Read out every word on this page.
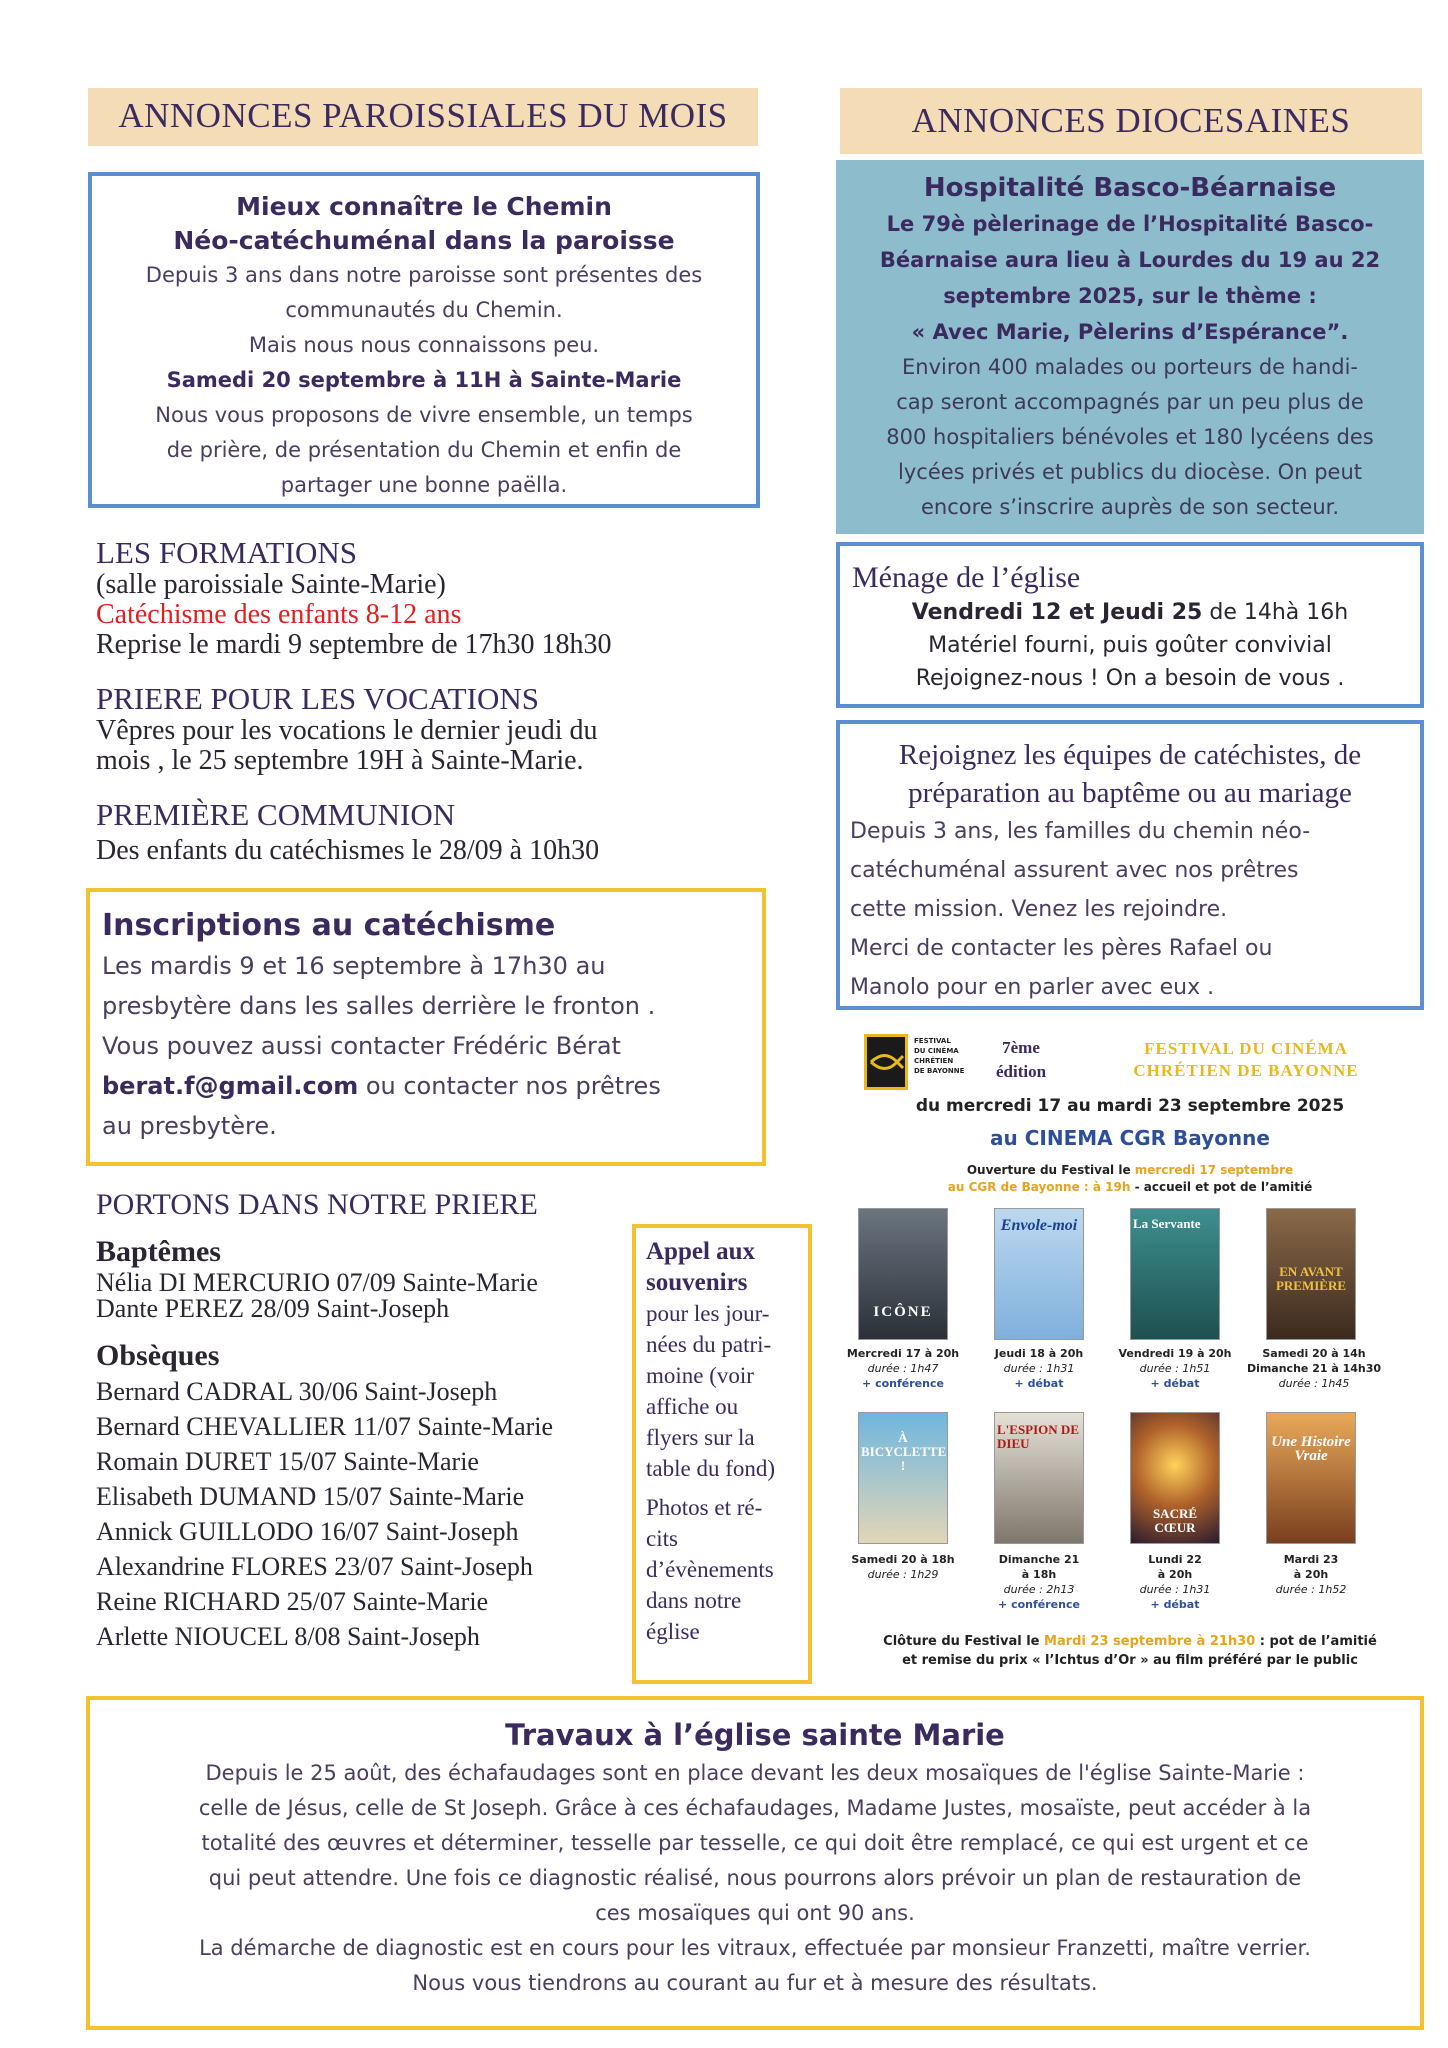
ANNONCES PAROISSIALES DU MOIS
Mieux connaître le Chemin
Néo-catéchuménal dans la paroisse
Depuis 3 ans dans notre paroisse sont présentes des
communautés du Chemin.
Mais nous nous connaissons peu.
Samedi 20 septembre à 11H à Sainte-Marie
Nous vous proposons de vivre ensemble, un temps
de prière, de présentation du Chemin et enfin de
partager une bonne paëlla.
LES FORMATIONS
(salle paroissiale Sainte-Marie)
Catéchisme des enfants 8-12 ans
Reprise le mardi 9 septembre de 17h30 18h30
PRIERE POUR LES VOCATIONS
Vêpres pour les vocations le dernier jeudi du
mois , le 25 septembre 19H à Sainte-Marie.
PREMIÈRE COMMUNION
Des enfants du catéchismes le 28/09 à 10h30
Inscriptions au catéchisme
Les mardis 9 et 16 septembre à 17h30 au
presbytère dans les salles derrière le fronton .
Vous pouvez aussi contacter Frédéric Bérat
berat.f@gmail.com ou contacter nos prêtres
au presbytère.
PORTONS DANS NOTRE PRIERE
Baptêmes
Nélia DI MERCURIO 07/09 Sainte-Marie
Dante PEREZ 28/09 Saint-Joseph
Obsèques
Bernard CADRAL 30/06 Saint-Joseph
Bernard CHEVALLIER 11/07 Sainte-Marie
Romain DURET 15/07 Sainte-Marie
Elisabeth DUMAND 15/07 Sainte-Marie
Annick GUILLODO 16/07 Saint-Joseph
Alexandrine FLORES 23/07 Saint-Joseph
Reine RICHARD 25/07 Sainte-Marie
Arlette NIOUCEL 8/08 Saint-Joseph
Appel aux
souvenirs
pour les jour-
nées du patri-
moine (voir
affiche ou
flyers sur la
table du fond)
Photos et ré-
cits
d’évènements
dans notre
église
ANNONCES DIOCESAINES
Hospitalité Basco-Béarnaise
Le 79è pèlerinage de l’Hospitalité Basco-
Béarnaise aura lieu à Lourdes du 19 au 22
septembre 2025, sur le thème :
« Avec Marie, Pèlerins d’Espérance”.
Environ 400 malades ou porteurs de handi-
cap seront accompagnés par un peu plus de
800 hospitaliers bénévoles et 180 lycéens des
lycées privés et publics du diocèse. On peut
encore s’inscrire auprès de son secteur.
Ménage de l’église
Vendredi 12 et Jeudi 25 de 14hà 16h
Matériel fourni, puis goûter convivial
Rejoignez-nous ! On a besoin de vous .
Rejoignez les équipes de catéchistes, de
préparation au baptême ou au mariage
Depuis 3 ans, les familles du chemin néo-
catéchuménal assurent avec nos prêtres
cette mission. Venez les rejoindre.
Merci de contacter les pères Rafael ou
Manolo pour en parler avec eux .
FESTIVAL
DU CINÉMA
CHRÉTIEN
DE BAYONNE
7ème
édition
FESTIVAL DU CINÉMA
CHRÉTIEN DE BAYONNE
du mercredi 17 au mardi 23 septembre 2025
au CINEMA CGR Bayonne
Ouverture du Festival le mercredi 17 septembre
au CGR de Bayonne : à 19h - accueil et pot de l’amitié
ICÔNE
Envole-moi	La Servante
EN AVANT PREMIÈRE
Mercredi 17 à 20h
durée : 1h47
+ conférence
Jeudi 18 à 20h
durée : 1h31
+ débat
Vendredi 19 à 20h
durée : 1h51
+ débat
Samedi 20 à 14h
Dimanche 21 à 14h30
durée : 1h45
À BICYCLETTE !
L'ESPION DE DIEU
SACRÉ CŒUR
Une Histoire Vraie
Samedi 20 à 18h
durée : 1h29
Dimanche 21
à 18h
durée : 2h13
+ conférence
Lundi 22
à 20h
durée : 1h31
+ débat
Mardi 23
à 20h
durée : 1h52
Clôture du Festival le Mardi 23 septembre à 21h30 : pot de l’amitié
et remise du prix « l’Ichtus d’Or » au film préféré par le public
Travaux à l’église sainte Marie
Depuis le 25 août, des échafaudages sont en place devant les deux mosaïques de l'église Sainte-Marie :
celle de Jésus, celle de St Joseph. Grâce à ces échafaudages, Madame Justes, mosaïste, peut accéder à la
totalité des œuvres et déterminer, tesselle par tesselle, ce qui doit être remplacé, ce qui est urgent et ce
qui peut attendre. Une fois ce diagnostic réalisé, nous pourrons alors prévoir un plan de restauration de
ces mosaïques qui ont 90 ans.
La démarche de diagnostic est en cours pour les vitraux, effectuée par monsieur Franzetti, maître verrier.
Nous vous tiendrons au courant au fur et à mesure des résultats.
